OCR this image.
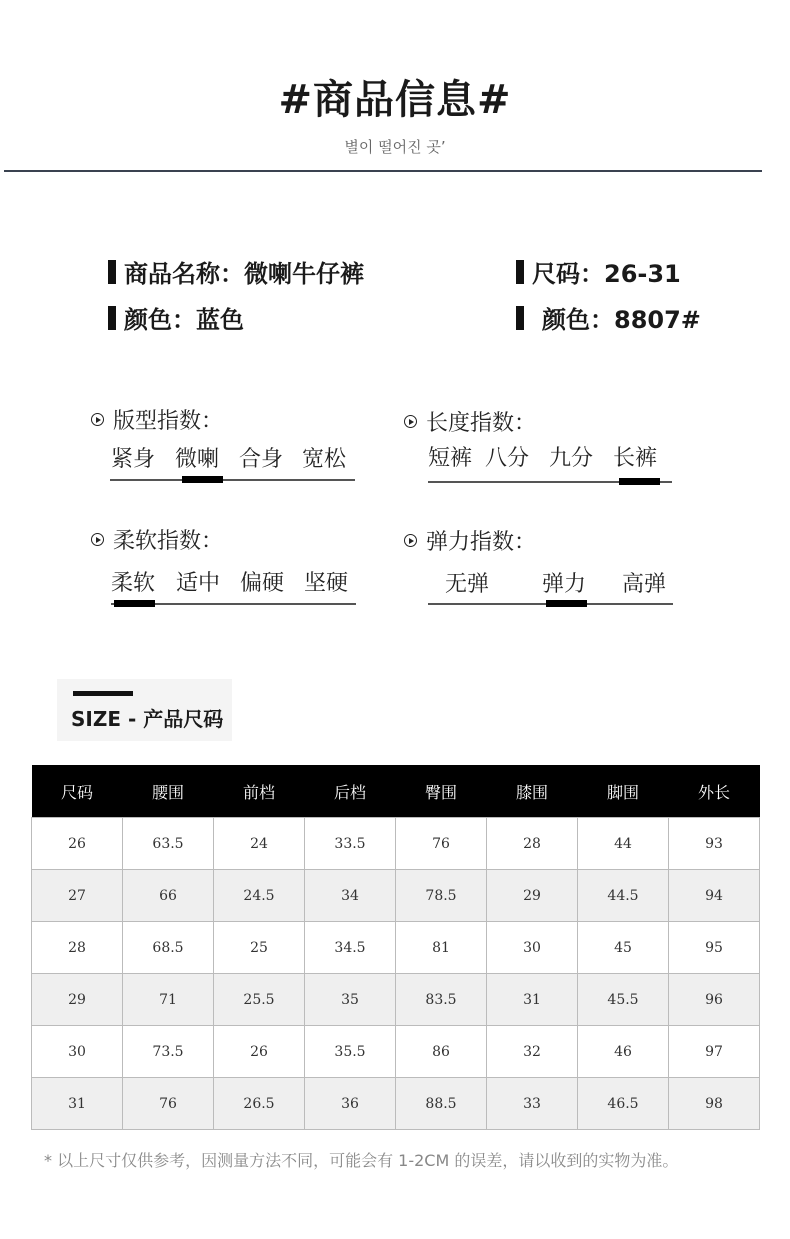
#商品信息#
별이 떨어진 곳’
商品名称：微喇牛仔裤	尺码：26-31
颜色：蓝色	颜色：8807#
版型指数：
紧身 微喇 合身 宽松
长度指数：
短裤 八分 九分 长裤
柔软指数：
柔软 适中 偏硬 坚硬
弹力指数：
无弹 弹力 高弹
SIZE - 产品尺码
尺码	腰围	前档	后档	臀围	膝围	脚围	外长
26	63.5	24	33.5	76	28	44	93
27	66	24.5	34	78.5	29	44.5	94
28	68.5	25	34.5	81	30	45	95
29	71	25.5	35	83.5	31	45.5	96
30	73.5	26	35.5	86	32	46	97
31	76	26.5	36	88.5	33	46.5	98
* 以上尺寸仅供参考，因测量方法不同，可能会有 1-2CM 的误差，请以收到的实物为准。
